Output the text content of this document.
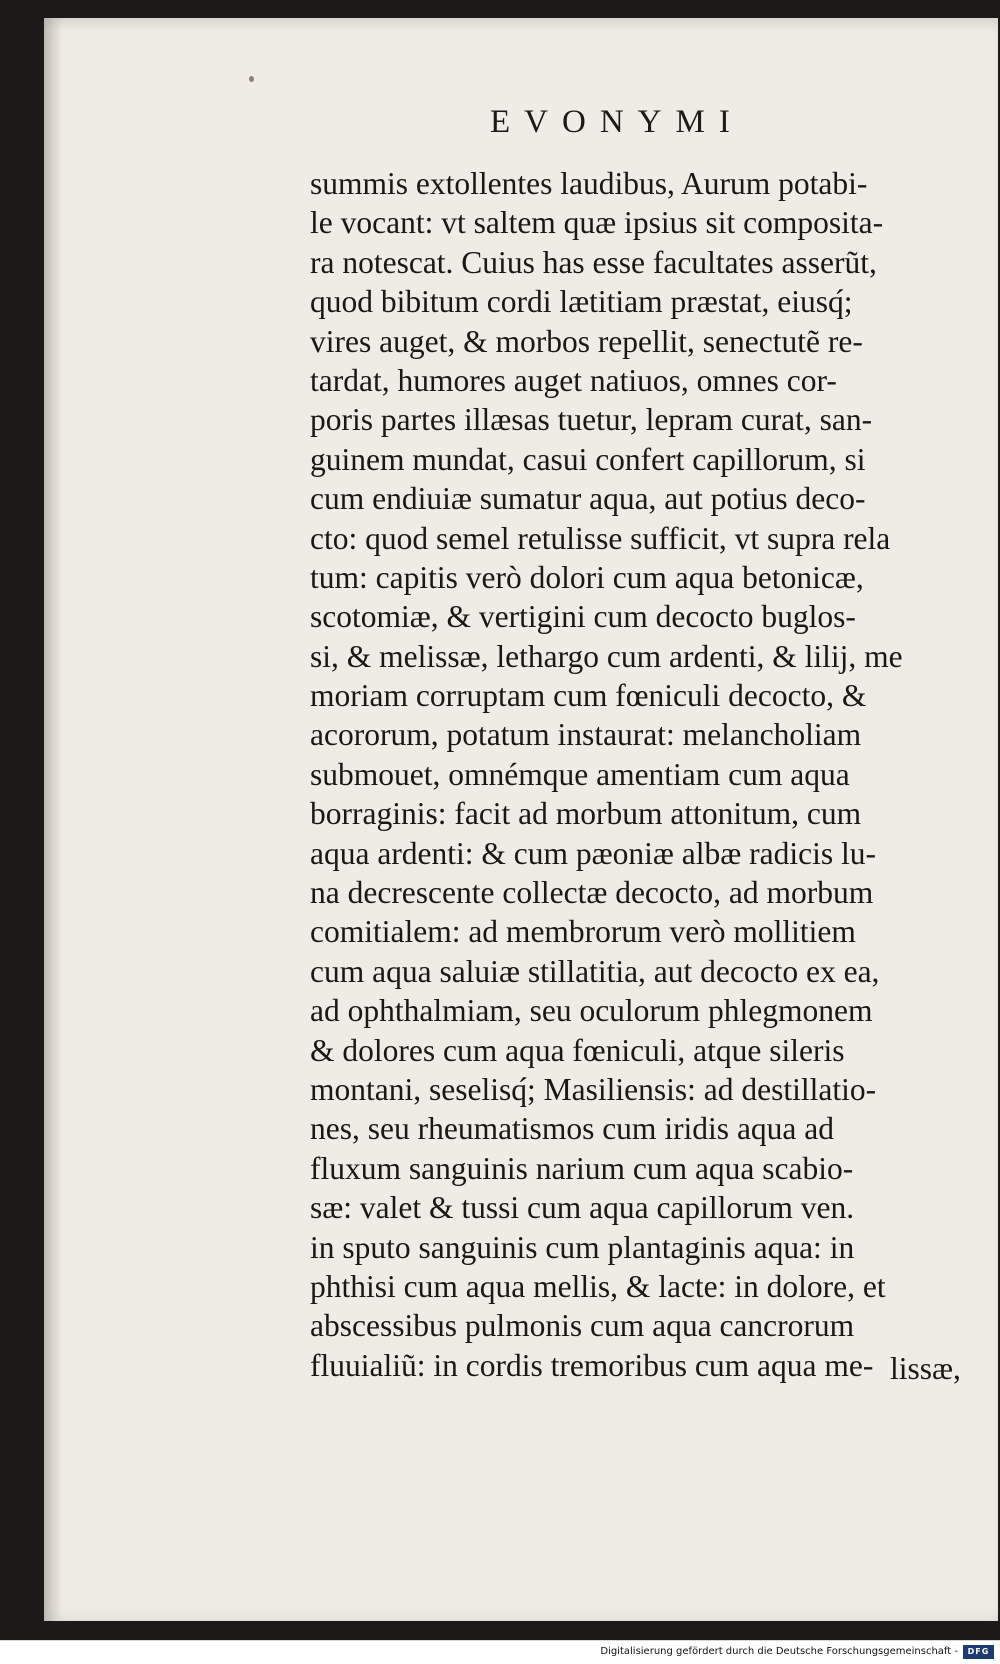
EVONYMI
summis extollentes laudibus, Aurum potabi-
le vocant: vt saltem quæ ipsius sit composita-
ra notescat. Cuius has esse facultates asserũt,
quod bibitum cordi lætitiam præstat, eiusq́;
vires auget, & morbos repellit, senectutẽ re-
tardat, humores auget natiuos, omnes cor-
poris partes illæsas tuetur, lepram curat, san-
guinem mundat, casui confert capillorum, si
cum endiuiæ sumatur aqua, aut potius deco-
cto: quod semel retulisse sufficit, vt supra rela
tum: capitis verò dolori cum aqua betonicæ,
scotomiæ, & vertigini cum decocto buglos-
si, & melissæ, lethargo cum ardenti, & lilij, me
moriam corruptam cum fœniculi decocto, &
acororum, potatum instaurat: melancholiam
submouet, omnémque amentiam cum aqua
borraginis: facit ad morbum attonitum, cum
aqua ardenti: & cum pæoniæ albæ radicis lu-
na decrescente collectæ decocto, ad morbum
comitialem: ad membrorum verò mollitiem
cum aqua saluiæ stillatitia, aut decocto ex ea,
ad ophthalmiam, seu oculorum phlegmonem
& dolores cum aqua fœniculi, atque sileris
montani, seselisq́; Masiliensis: ad destillatio-
nes, seu rheumatismos cum iridis aqua ad
fluxum sanguinis narium cum aqua scabio-
sæ: valet & tussi cum aqua capillorum ven.
in sputo sanguinis cum plantaginis aqua: in
phthisi cum aqua mellis, & lacte: in dolore, et
abscessibus pulmonis cum aqua cancrorum
fluuialiũ: in cordis tremoribus cum aqua me- lissæ,
Digitalisierung gefördert durch die Deutsche Forschungsgemeinschaft -	DFG
